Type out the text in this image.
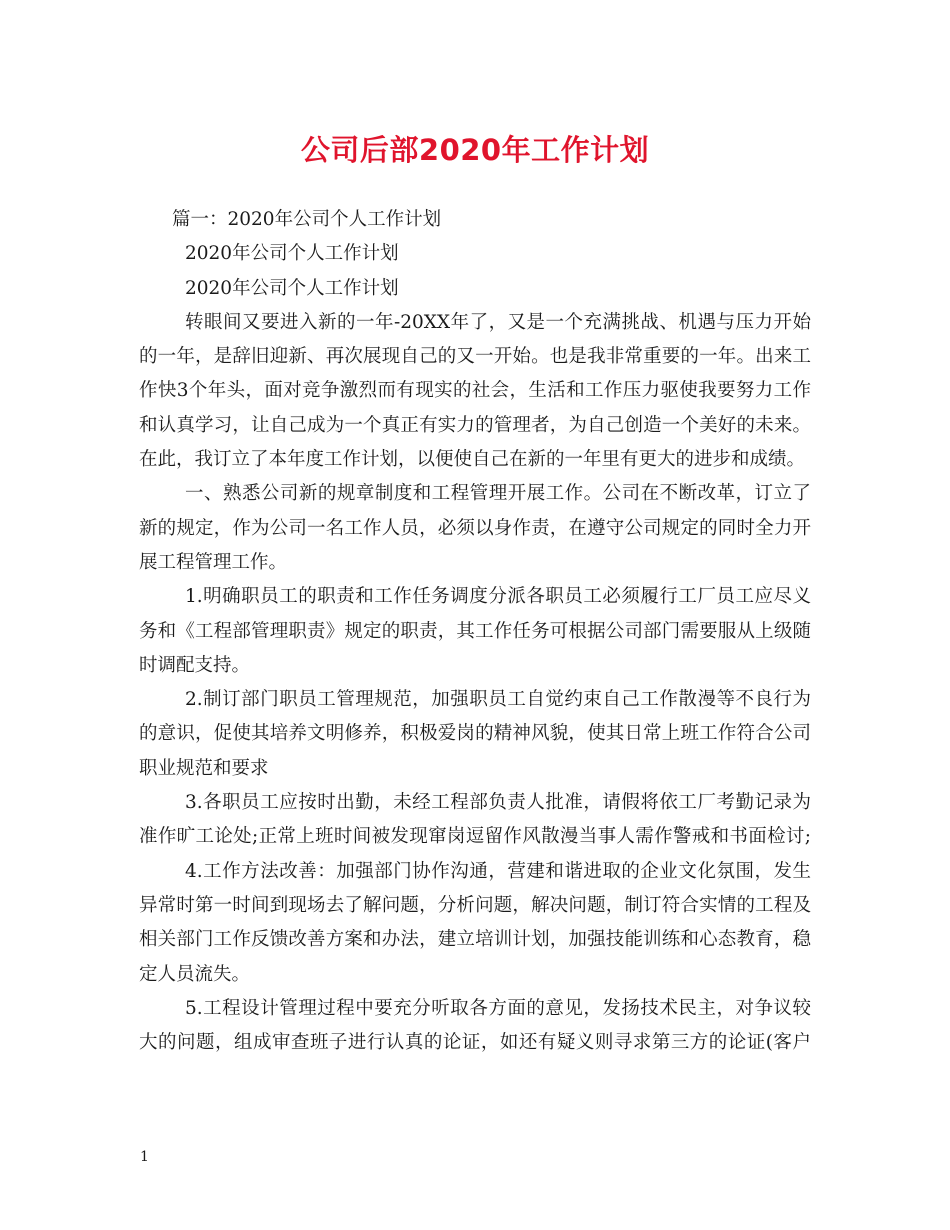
公司后部2020年工作计划
篇一：2020年公司个人工作计划
2020年公司个人工作计划
2020年公司个人工作计划
转眼间又要进入新的一年-20XX年了，又是一个充满挑战、机遇与压力开始
的一年，是辞旧迎新、再次展现自己的又一开始。也是我非常重要的一年。出来工
作快3个年头，面对竞争激烈而有现实的社会，生活和工作压力驱使我要努力工作
和认真学习，让自己成为一个真正有实力的管理者，为自己创造一个美好的未来。
在此，我订立了本年度工作计划，以便使自己在新的一年里有更大的进步和成绩。
一、熟悉公司新的规章制度和工程管理开展工作。公司在不断改革，订立了
新的规定，作为公司一名工作人员，必须以身作责，在遵守公司规定的同时全力开
展工程管理工作。
1.明确职员工的职责和工作任务调度分派各职员工必须履行工厂员工应尽义
务和《工程部管理职责》规定的职责，其工作任务可根据公司部门需要服从上级随
时调配支持。
2.制订部门职员工管理规范，加强职员工自觉约束自己工作散漫等不良行为
的意识，促使其培养文明修养，积极爱岗的精神风貌，使其日常上班工作符合公司
职业规范和要求
3.各职员工应按时出勤，未经工程部负责人批准，请假将依工厂考勤记录为
准作旷工论处;正常上班时间被发现窜岗逗留作风散漫当事人需作警戒和书面检讨;
4.工作方法改善：加强部门协作沟通，营建和谐进取的企业文化氛围，发生
异常时第一时间到现场去了解问题，分析问题，解决问题，制订符合实情的工程及
相关部门工作反馈改善方案和办法，建立培训计划，加强技能训练和心态教育，稳
定人员流失。
5.工程设计管理过程中要充分听取各方面的意见，发扬技术民主，对争议较
大的问题，组成审查班子进行认真的论证，如还有疑义则寻求第三方的论证(客户
1
